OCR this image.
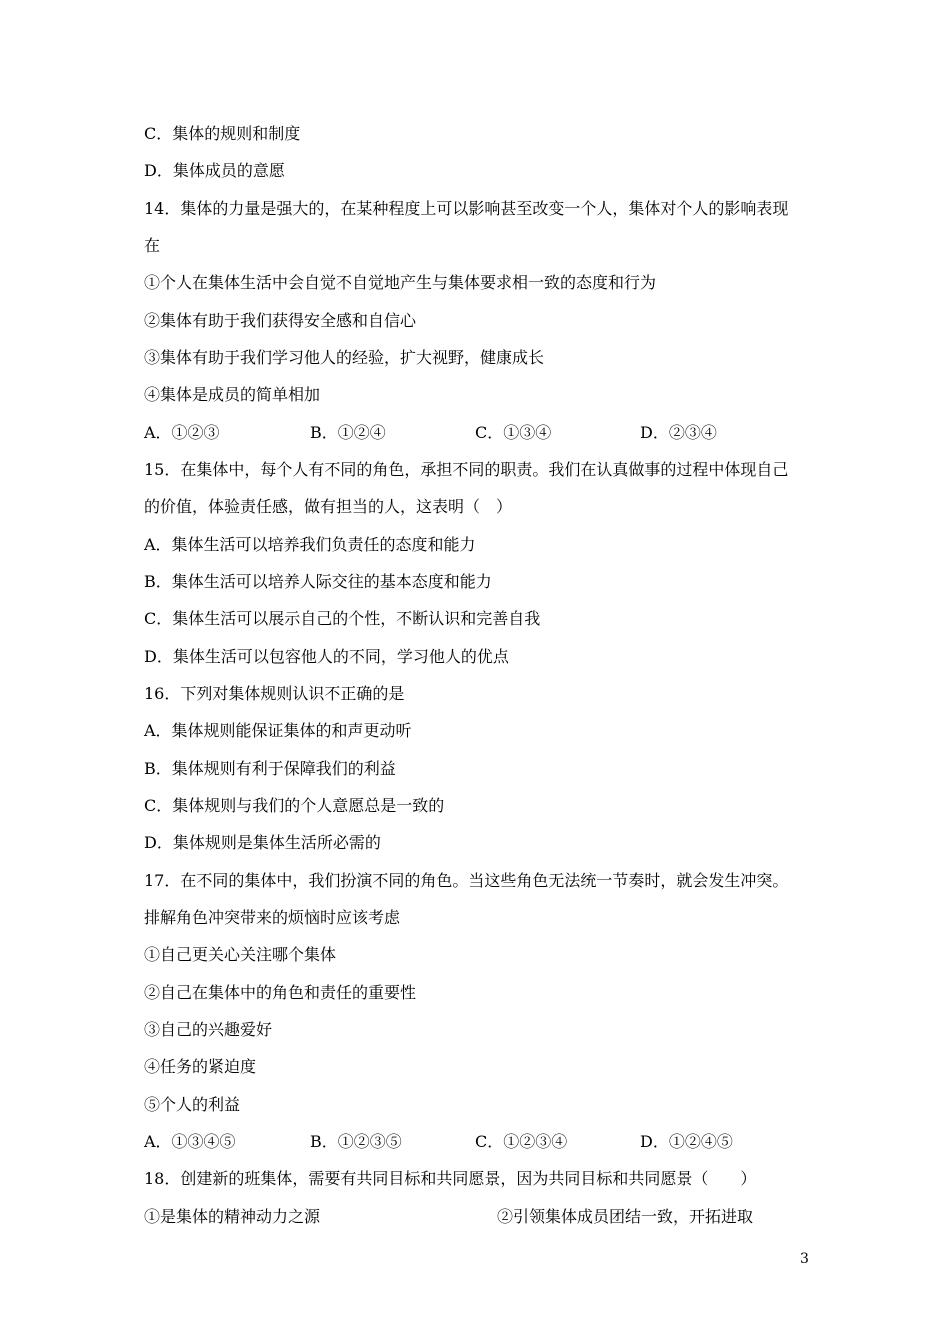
C．集体的规则和制度
D．集体成员的意愿
14．集体的力量是强大的，在某种程度上可以影响甚至改变一个人，集体对个人的影响表现
在
①个人在集体生活中会自觉不自觉地产生与集体要求相一致的态度和行为
②集体有助于我们获得安全感和自信心
③集体有助于我们学习他人的经验，扩大视野，健康成长
④集体是成员的简单相加
A．①②③	B．①②④	C．①③④	D．②③④
15．在集体中，每个人有不同的角色，承担不同的职责。我们在认真做事的过程中体现自己
的价值，体验责任感，做有担当的人，这表明（　）
A．集体生活可以培养我们负责任的态度和能力
B．集体生活可以培养人际交往的基本态度和能力
C．集体生活可以展示自己的个性，不断认识和完善自我
D．集体生活可以包容他人的不同，学习他人的优点
16．下列对集体规则认识不正确的是
A．集体规则能保证集体的和声更动听
B．集体规则有利于保障我们的利益
C．集体规则与我们的个人意愿总是一致的
D．集体规则是集体生活所必需的
17．在不同的集体中，我们扮演不同的角色。当这些角色无法统一节奏时，就会发生冲突。
排解角色冲突带来的烦恼时应该考虑
①自己更关心关注哪个集体
②自己在集体中的角色和责任的重要性
③自己的兴趣爱好
④任务的紧迫度
⑤个人的利益
A．①③④⑤	B．①②③⑤	C．①②③④	D．①②④⑤
18．创建新的班集体，需要有共同目标和共同愿景，因为共同目标和共同愿景（　　）
①是集体的精神动力之源	②引领集体成员团结一致，开拓进取
3
